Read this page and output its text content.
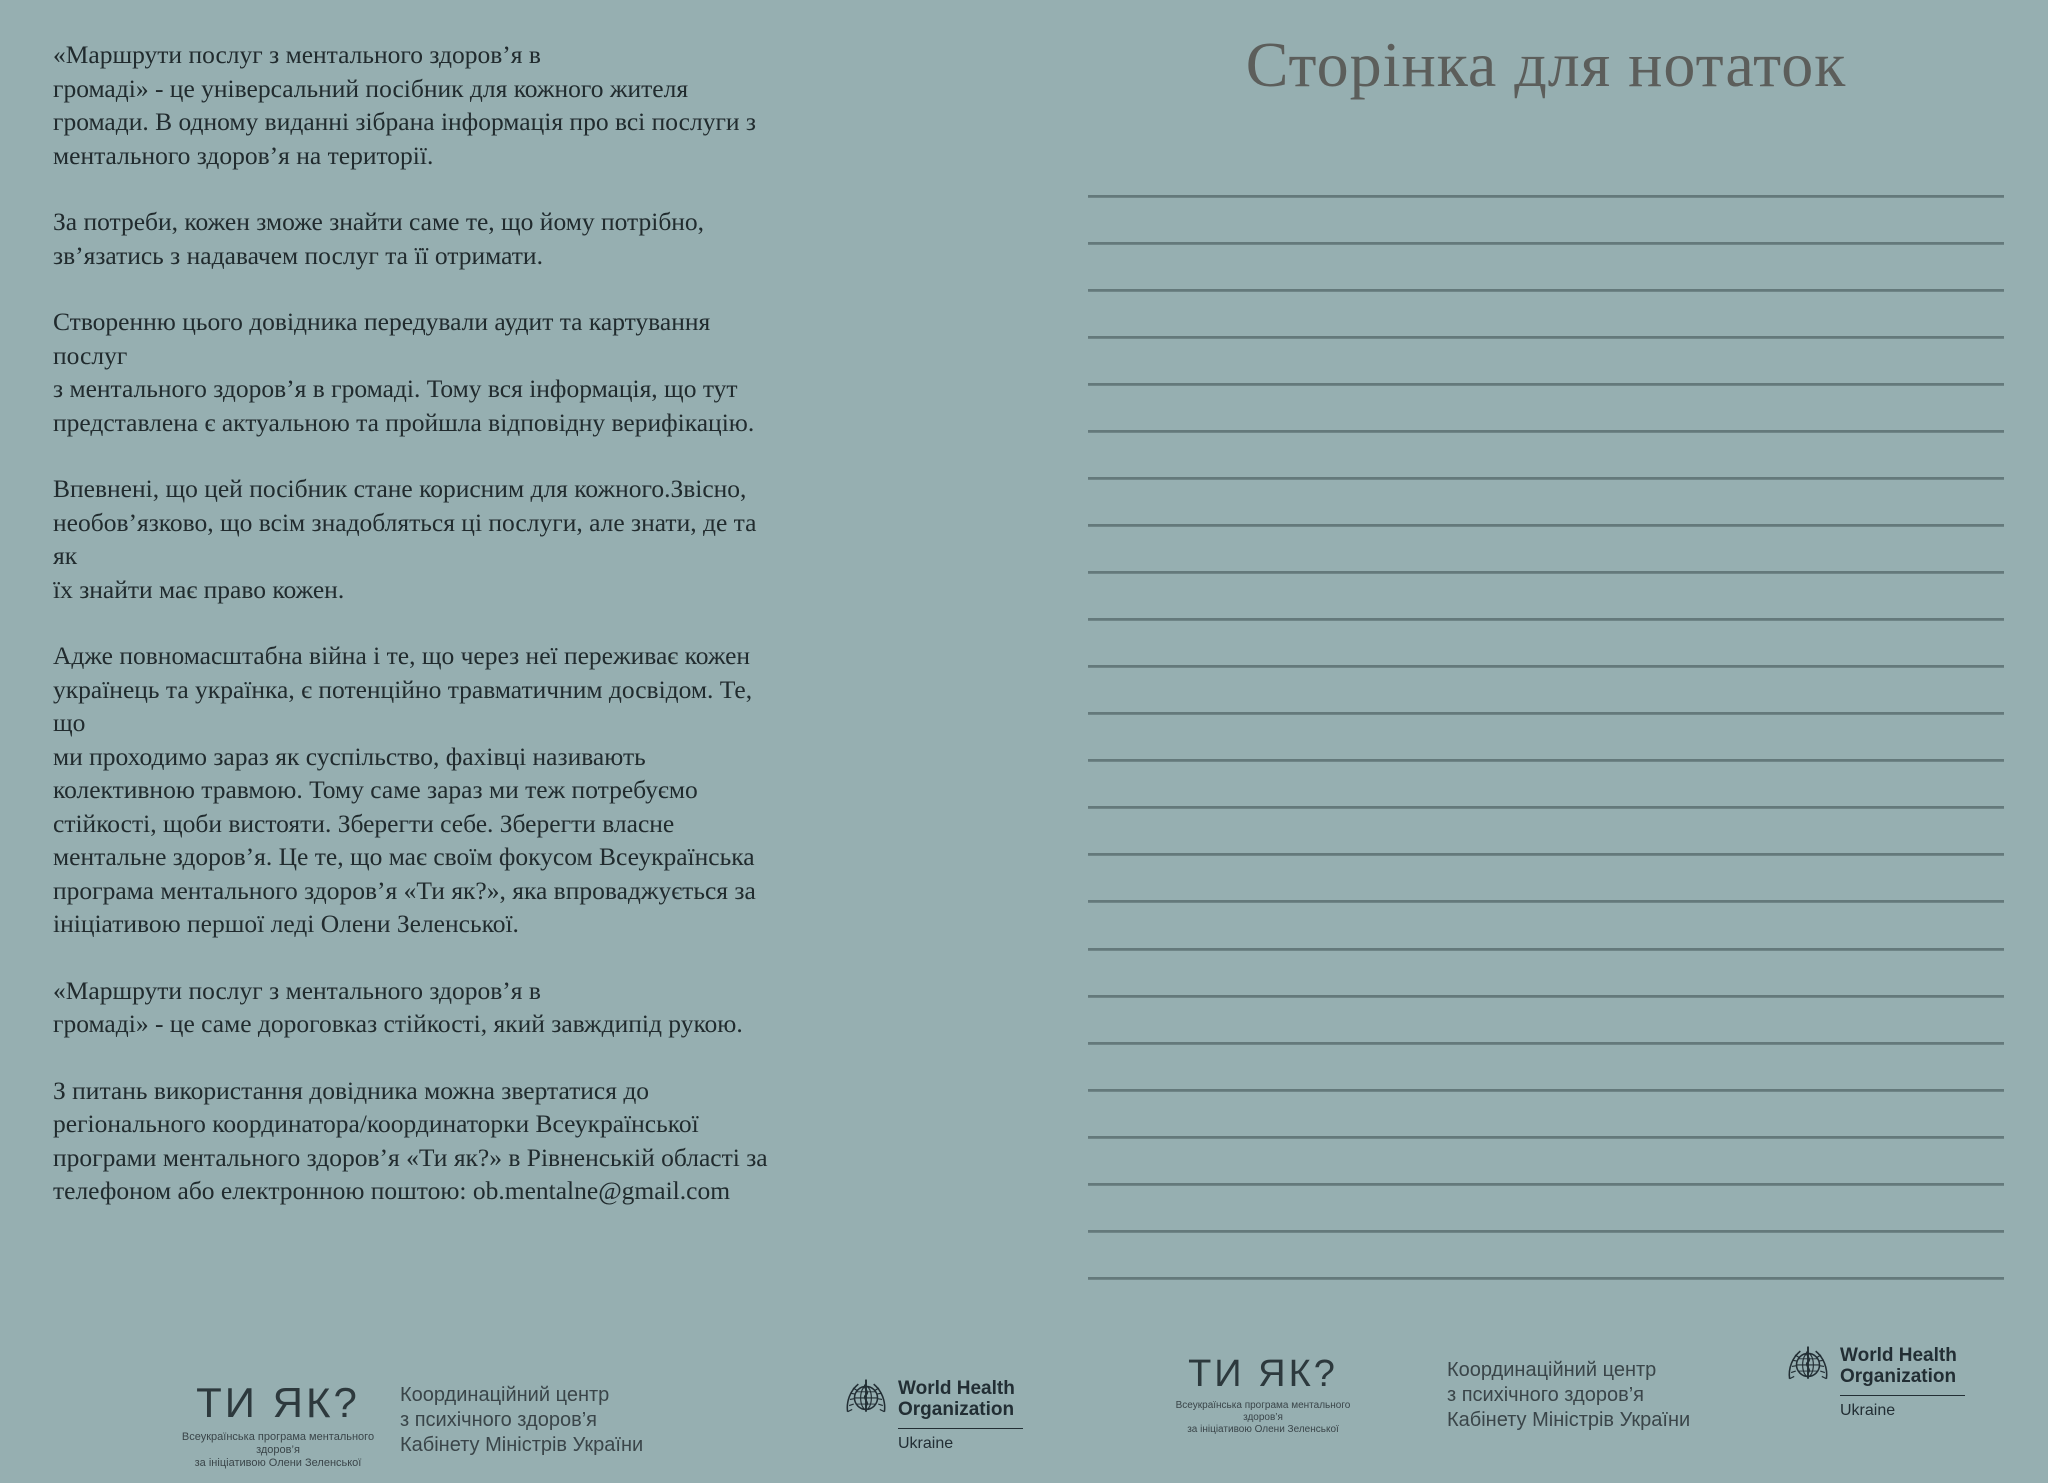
«Маршрути послуг з ментального здоров’я в
громаді» - це універсальний посібник для кожного жителя
громади. В одному виданні зібрана інформація про всі послуги з
ментального здоров’я на території.

За потреби, кожен зможе знайти саме те, що йому потрібно,
зв’язатись з надавачем послуг та її отримати.

Створенню цього довідника передували аудит та картування послуг
з ментального здоров’я в громаді. Тому вся інформація, що тут
представлена є актуальною та пройшла відповідну верифікацію.

Впевнені, що цей посібник стане корисним для кожного.Звісно,
необов’язково, що всім знадобляться ці послуги, але знати, де та як
їх знайти має право кожен.

Адже повномасштабна війна і те, що через неї переживає кожен
українець та українка, є потенційно травматичним досвідом. Те, що
ми проходимо зараз як суспільство, фахівці називають
колективною травмою. Тому саме зараз ми теж потребуємо
стійкості, щоби вистояти. Зберегти себе. Зберегти власне
ментальне здоров’я. Це те, що має своїм фокусом Всеукраїнська
програма ментального здоров’я «Ти як?», яка впроваджується за
ініціативою першої леді Олени Зеленської.

«Маршрути послуг з ментального здоров’я в
громаді» - це саме дороговказ стійкості, який завждипід рукою.

З питань використання довідника можна звертатися до
регіонального координатора/координаторки Всеукраїнської
програми ментального здоров’я «Ти як?» в Рівненській області за
телефоном або електронною поштою: ob.mentalne@gmail.com

Сторінка для нотаток
ТИ ЯК?
Всеукраїнська програма ментального здоров’я
за ініціативою Олени Зеленської
Координаційний центр
з психічного здоров’я
Кабінету Міністрів України
World Health
Organization
Ukraine
ТИ ЯК?
Всеукраїнська програма ментального здоров’я
за ініціативою Олени Зеленської
Координаційний центр
з психічного здоров’я
Кабінету Міністрів України
World Health
Organization
Ukraine
